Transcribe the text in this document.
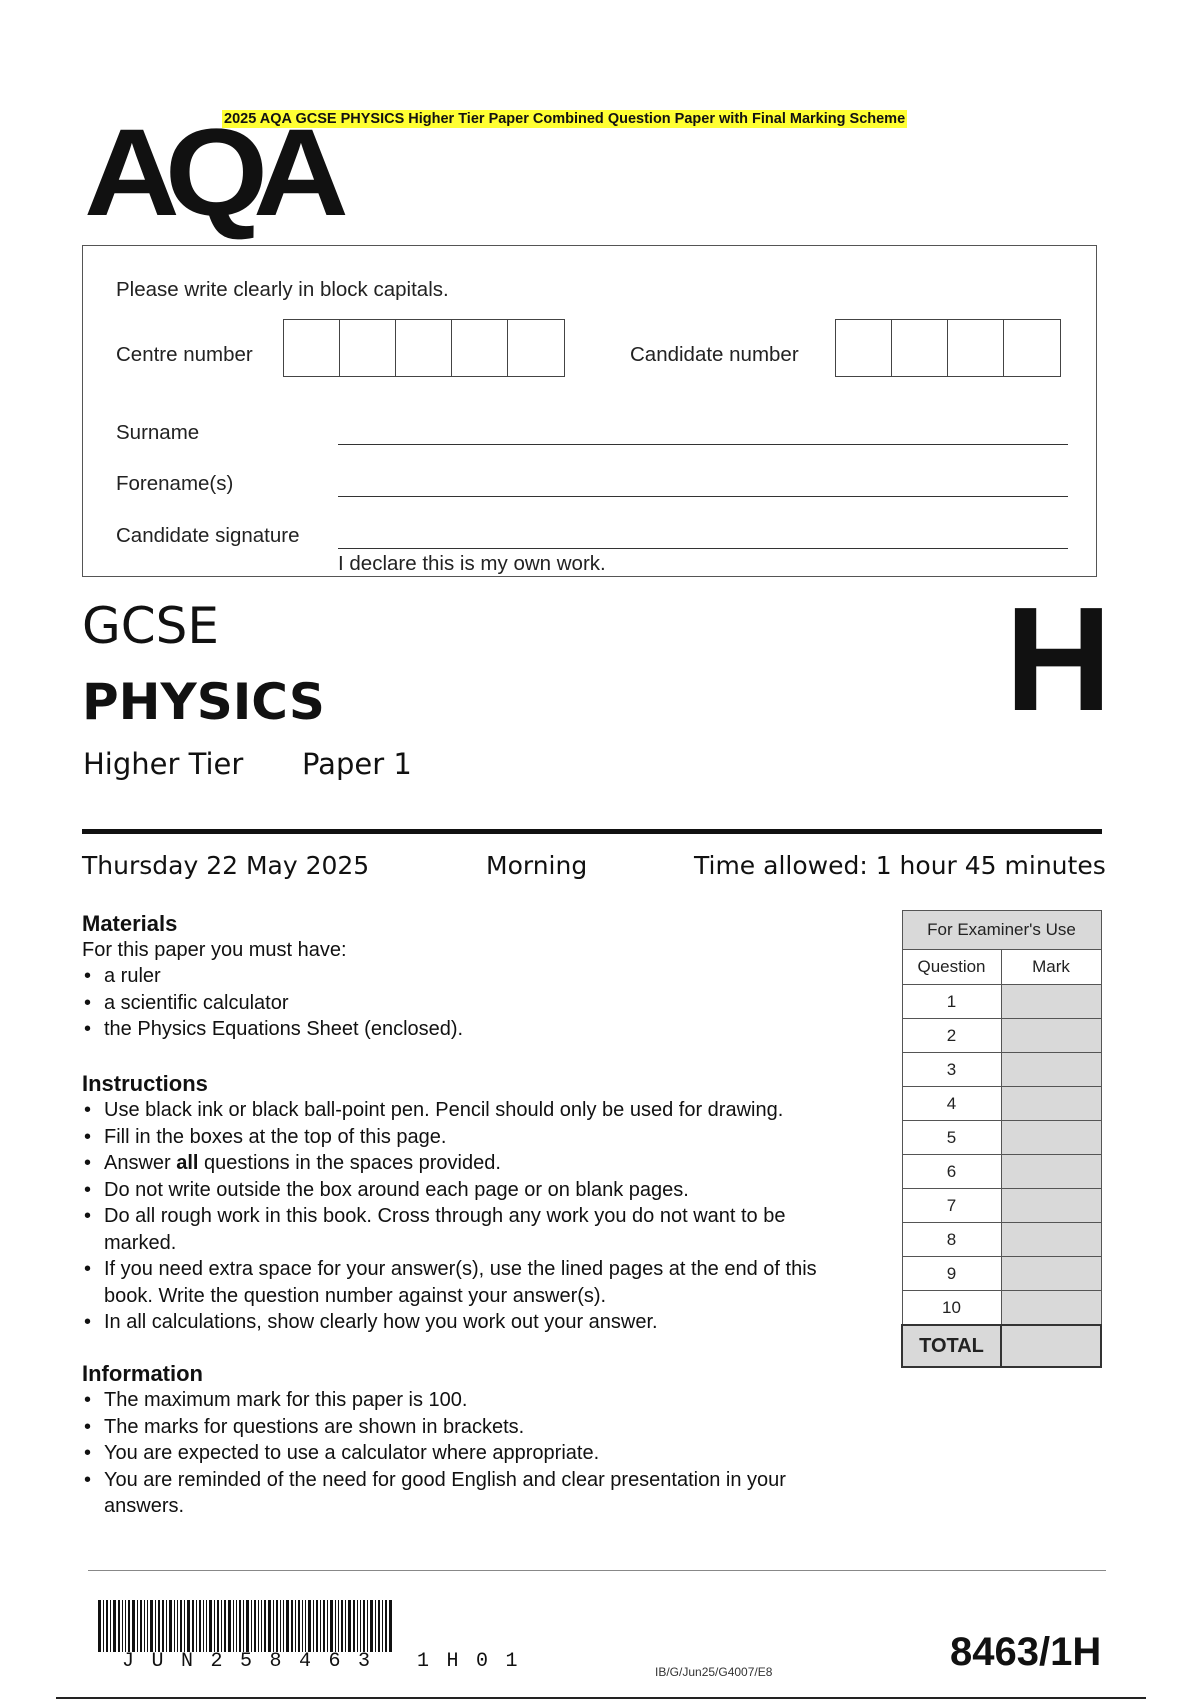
2025 AQA GCSE PHYSICS Higher Tier Paper Combined Question Paper with Final Marking Scheme
AQA
Please write clearly in block capitals.
Centre number	Candidate number
Surname
Forename(s)
Candidate signature
I declare this is my own work.
GCSE
PHYSICS
Higher Tier Paper 1
H
Thursday 22 May 2025	Morning	Time allowed: 1 hour 45 minutes
Materials
For this paper you must have:
• a ruler
• a scientific calculator
• the Physics Equations Sheet (enclosed).
Instructions
• Use black ink or black ball-point pen. Pencil should only be used for drawing.
• Fill in the boxes at the top of this page.
• Answer all questions in the spaces provided.
• Do not write outside the box around each page or on blank pages.
• Do all rough work in this book. Cross through any work you do not want to be marked.
• If you need extra space for your answer(s), use the lined pages at the end of this book. Write the question number against your answer(s).
• In all calculations, show clearly how you work out your answer.
Information
• The maximum mark for this paper is 100.
• The marks for questions are shown in brackets.
• You are expected to use a calculator where appropriate.
• You are reminded of the need for good English and clear presentation in your answers.
For Examiner's Use	
Question	Mark
1	
2	
3	
4	
5	
6	
7	
8	
9	
10	
TOTAL	
JUN258463 1H01	IB/G/Jun25/G4007/E8	8463/1H
